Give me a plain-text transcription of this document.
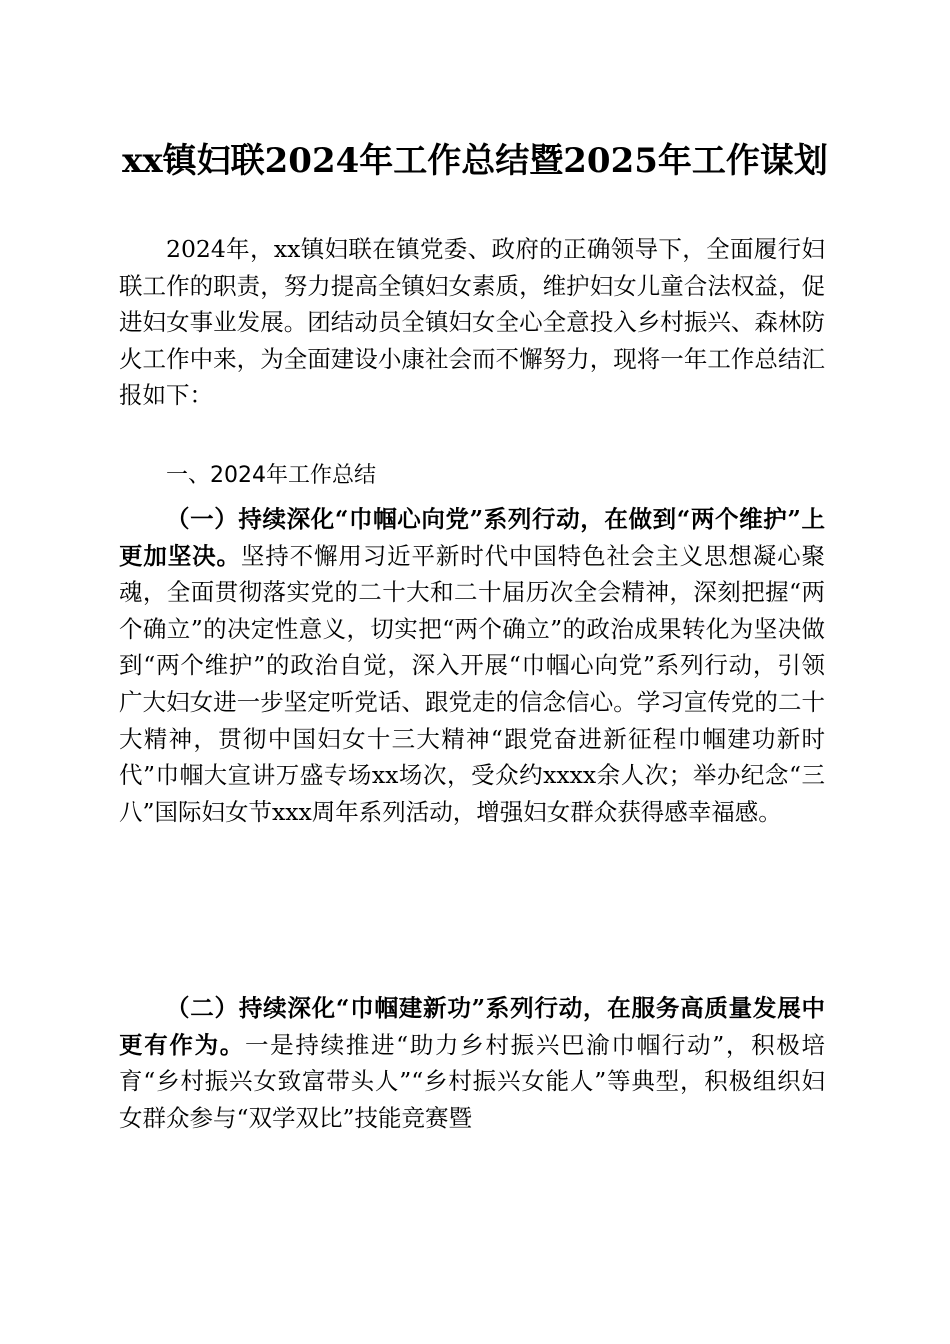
xx镇妇联2024年工作总结暨2025年工作谋划

2024年，xx镇妇联在镇党委、政府的正确领导下，全面履行妇联工作的职责，努力提高全镇妇女素质，维护妇女儿童合法权益，促进妇女事业发展。团结动员全镇妇女全心全意投入乡村振兴、森林防火工作中来，为全面建设小康社会而不懈努力，现将一年工作总结汇报如下：

一、2024年工作总结

（一）持续深化“巾帼心向党”系列行动，在做到“两个维护”上更加坚决。坚持不懈用习近平新时代中国特色社会主义思想凝心聚魂，全面贯彻落实党的二十大和二十届历次全会精神，深刻把握“两个确立”的决定性意义，切实把“两个确立”的政治成果转化为坚决做到“两个维护”的政治自觉，深入开展“巾帼心向党”系列行动，引领广大妇女进一步坚定听党话、跟党走的信念信心。学习宣传党的二十大精神，贯彻中国妇女十三大精神“跟党奋进新征程巾帼建功新时代”巾帼大宣讲万盛专场xx场次，受众约xxxx余人次；举办纪念“三八”国际妇女节xxx周年系列活动，增强妇女群众获得感幸福感。

（二）持续深化“巾帼建新功”系列行动，在服务高质量发展中更有作为。一是持续推进“助力乡村振兴巴渝巾帼行动”，积极培育“乡村振兴女致富带头人”“乡村振兴女能人”等典型，积极组织妇女群众参与“双学双比”技能竞赛暨
